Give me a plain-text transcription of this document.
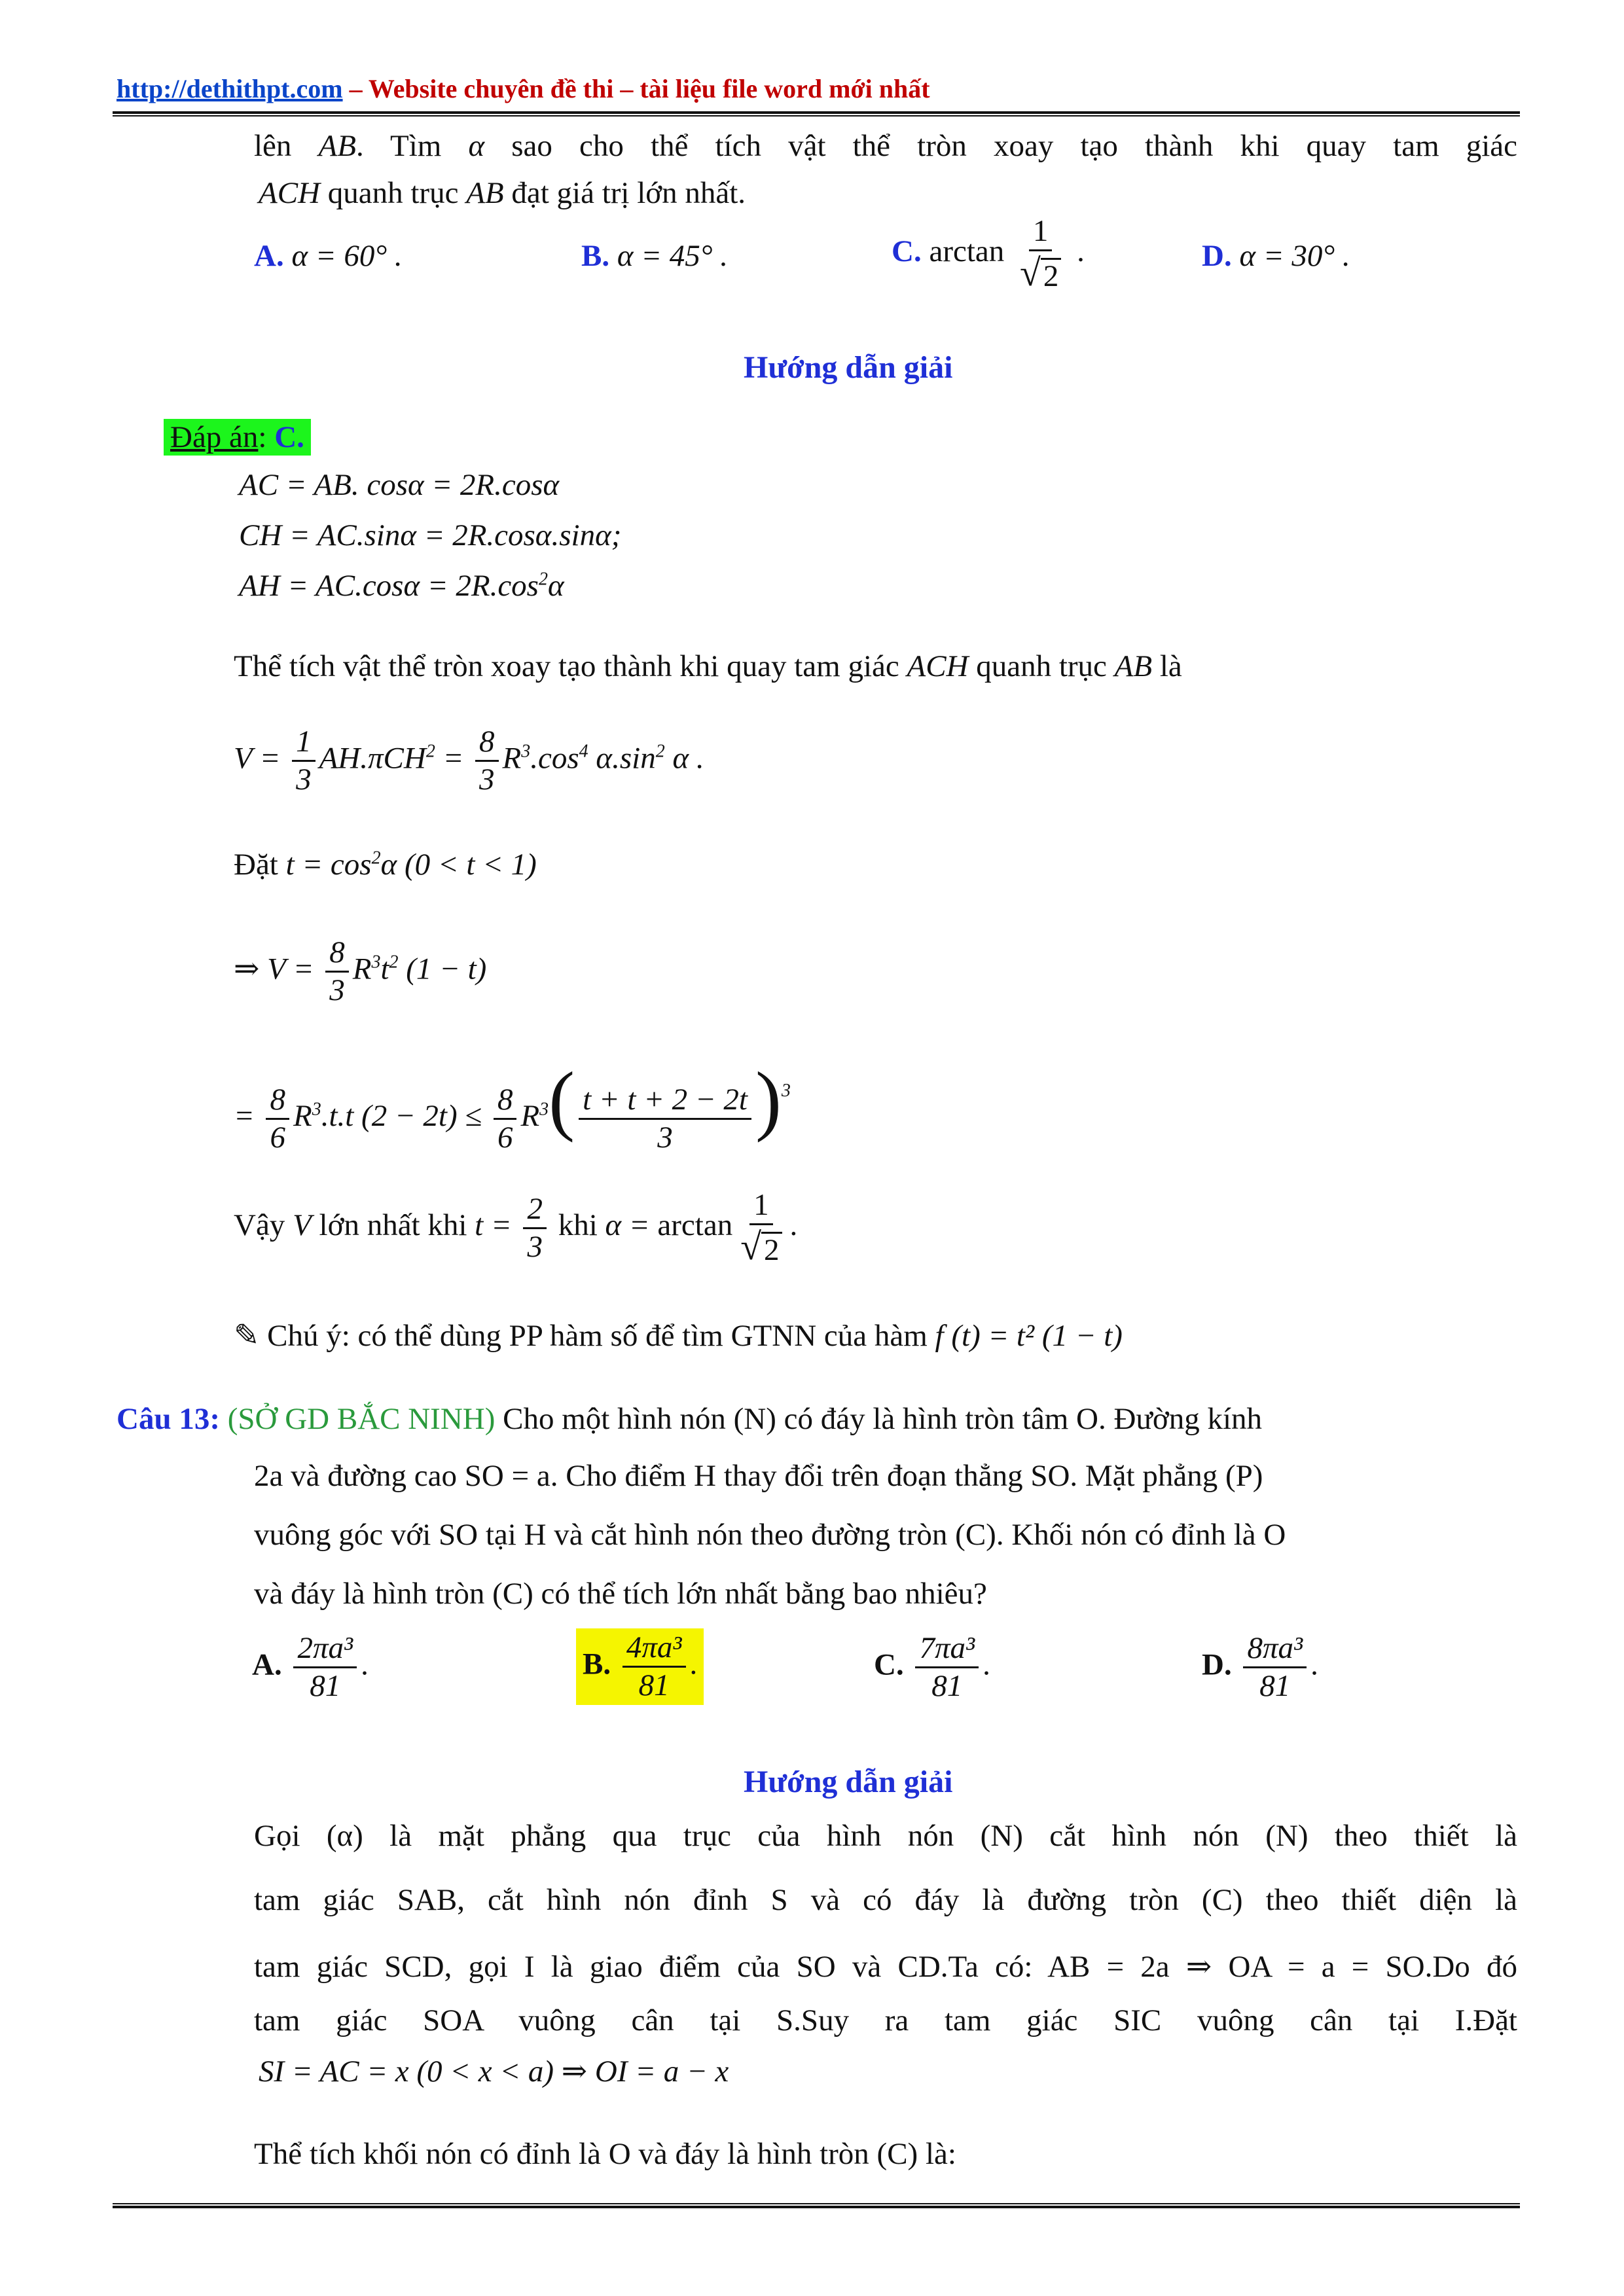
http://dethithpt.com – Website chuyên đề thi – tài liệu file word mới nhất
lên AB. Tìm α sao cho thể tích vật thể tròn xoay tạo thành khi quay tam giác
ACH quanh trục AB đạt giá trị lớn nhất.
A. α = 60° .	B. α = 45° .	C. $\arctan \frac{1}{√ 2}$ .	D. α = 30° .
Hướng dẫn giải
Đáp án: C.
AC = AB. cosα = 2R.cosα
CH = AC.sinα = 2R.cosα.sinα;
AH = $AC.\cos\alpha = 2R.\cos^2\alpha$
Thể tích vật thể tròn xoay tạo thành khi quay tam giác ACH quanh trục AB là
$V = \frac{1}{3} AH.\pi CH^2 = \frac{8}{3} R^3.\cos^4$ $\alpha.\sin^2$ α .
Đặt $t = \cos^2\alpha$ (0 < t < 1)
⇒ $V = \frac{8}{3} R^3t^2$ (1 − t)
= $\frac{8}{6} R^3.t.t$ $(2 - 2t) \le \frac{8}{6} R^3( \frac{t + t + 2 - 2t}{3} )^3$
Vậy V lớn nhất khi $t = \frac{2}{3}$ khi $\alpha = \arctan \frac{1}{√ 2}$ .
✎ Chú ý: có thể dùng PP hàm số để tìm GTNN của hàm f (t) = t² (1 − t)
Câu 13: (SỞ GD BẮC NINH) Cho một hình nón (N) có đáy là hình tròn tâm O. Đường kính
2a và đường cao SO = a. Cho điểm H thay đổi trên đoạn thẳng SO. Mặt phẳng (P)
vuông góc với SO tại H và cắt hình nón theo đường tròn (C). Khối nón có đỉnh là O
và đáy là hình tròn (C) có thể tích lớn nhất bằng bao nhiêu?
A. $\frac{\text{2πa³}}{81}$ .	B. $\frac{\text{4πa³}}{81}$ .	C. $\frac{\text{7πa³}}{81}$ .	D. $\frac{\text{8πa³}}{81}$ .
Hướng dẫn giải
Gọi (α) là mặt phẳng qua trục của hình nón (N) cắt hình nón (N) theo thiết là
tam giác SAB, cắt hình nón đỉnh S và có đáy là đường tròn (C) theo thiết diện là
tam giác SCD, gọi I là giao điểm của SO và CD.Ta có: AB = 2a ⇒ OA = a = SO.Do đó
tam giác SOA vuông cân tại S.Suy ra tam giác SIC vuông cân tại I.Đặt
SI = AC = x (0 < x < a) ⇒ OI = a − x
Thể tích khối nón có đỉnh là O và đáy là hình tròn (C) là:
